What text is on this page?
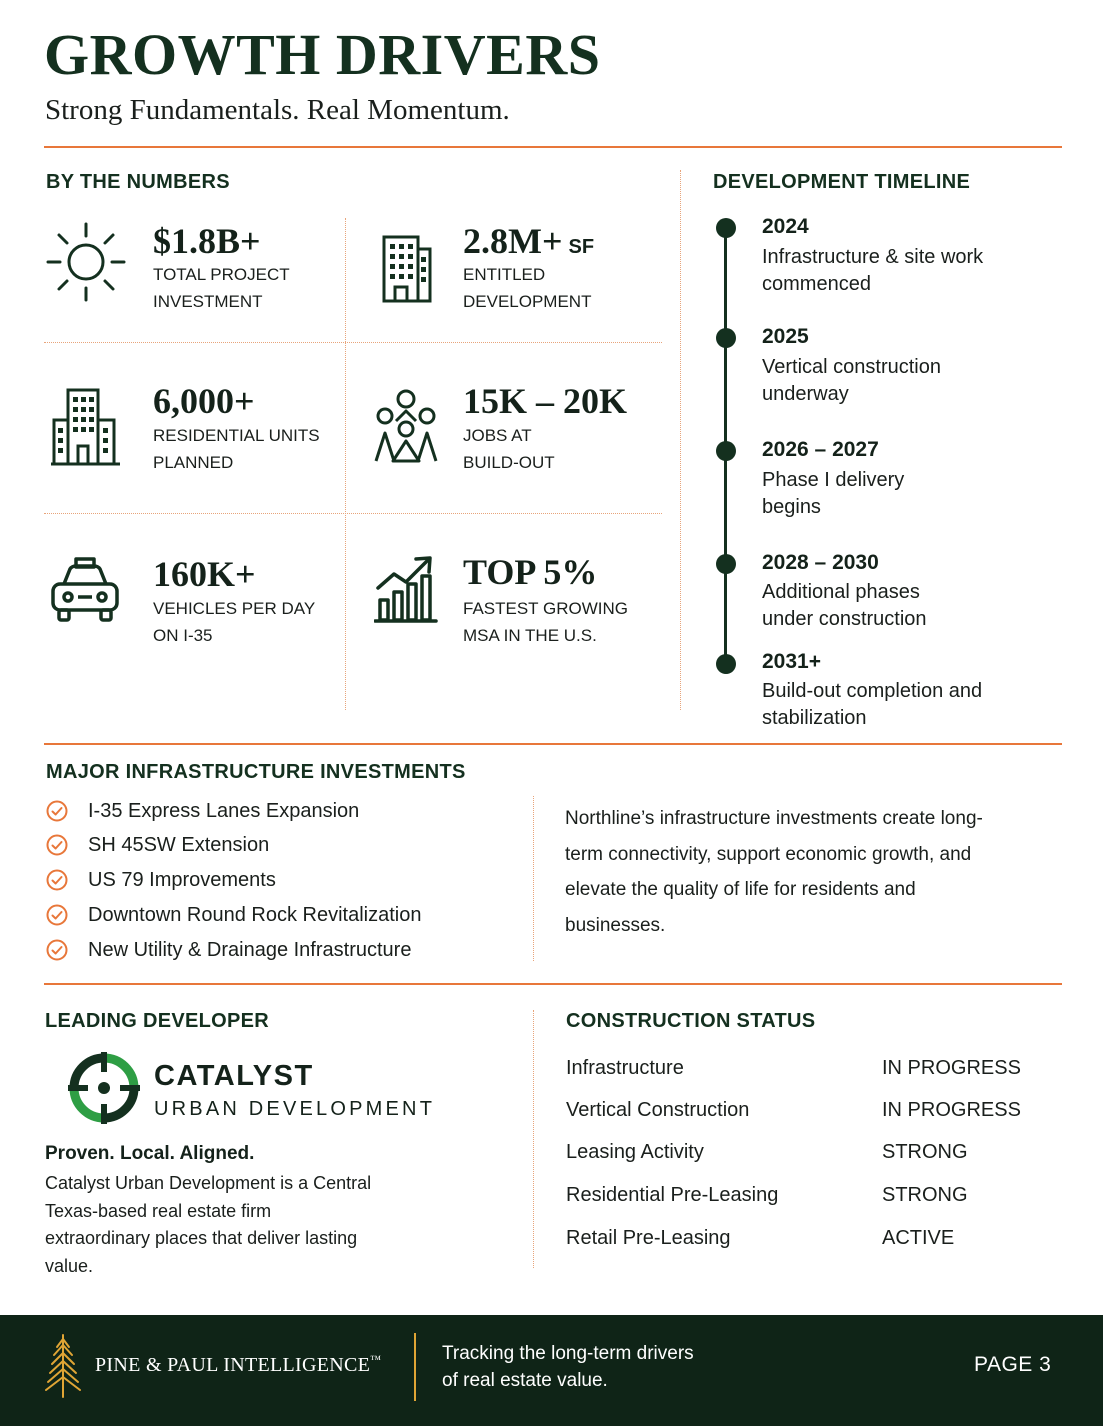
GROWTH DRIVERS
Strong Fundamentals. Real Momentum.
BY THE NUMBERS
$1.8B+
TOTAL PROJECT
INVESTMENT
2.8M+ SF
ENTITLED
DEVELOPMENT
6,000+
RESIDENTIAL UNITS
PLANNED
15K – 20K
JOBS AT
BUILD-OUT
160K+
VEHICLES PER DAY
ON I-35
TOP 5%
FASTEST GROWING
MSA IN THE U.S.
DEVELOPMENT TIMELINE
2024
Infrastructure & site work commenced
2025
Vertical construction underway
2026 – 2027
Phase I delivery begins
2028 – 2030
Additional phases under construction
2031+
Build-out completion and stabilization
MAJOR INFRASTRUCTURE INVESTMENTS
I-35 Express Lanes Expansion
SH 45SW Extension
US 79 Improvements
Downtown Round Rock Revitalization
New Utility & Drainage Infrastructure
Northline’s infrastructure investments create long-term connectivity, support economic growth, and elevate the quality of life for residents and businesses.
LEADING DEVELOPER
CATALYST
URBAN DEVELOPMENT
Proven. Local. Aligned.
Catalyst Urban Development is a Central Texas-based real estate firm extraordinary places that deliver lasting value.
CONSTRUCTION STATUS
Infrastructure	IN PROGRESS
Vertical Construction	IN PROGRESS
Leasing Activity	STRONG
Residential Pre-Leasing	STRONG
Retail Pre-Leasing	ACTIVE
PINE & PAUL INTELLIGENCE™	Tracking the long-term drivers
of real estate value.
PAGE 3
